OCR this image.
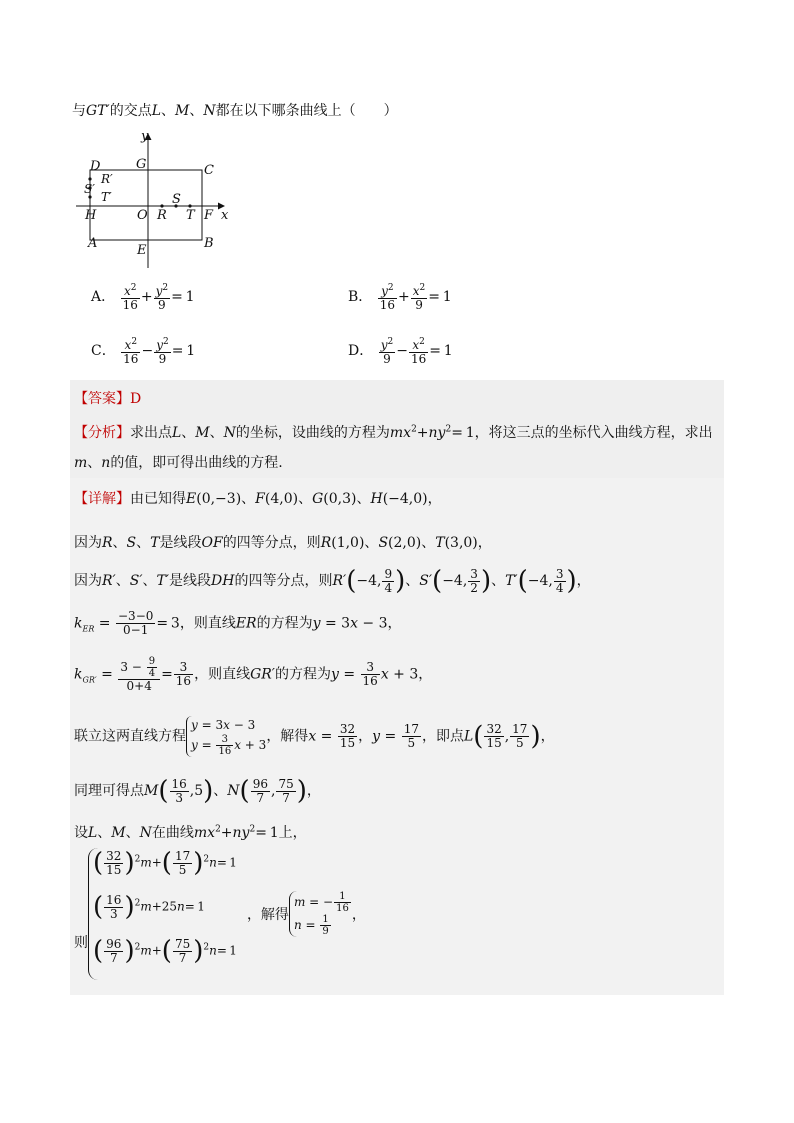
与GT′的交点L、M、N都在以下哪条曲线上（　　）
y
D	G	C
R′
S′
T′
H	O R
S
T F x
A	E	B
A． $\frac{x^2}{16} + \frac{y^2}{9} = 1$	B． $\frac{y^2}{16} + \frac{x^2}{9} = 1$
C． $\frac{x^2}{16} - \frac{y^2}{9} = 1$	D． $\frac{y^2}{9} - \frac{x^2}{16} = 1$
【答案】D
【分析】求出点L、M、N的坐标，设曲线的方程为$mx^2+ny^2= 1$，将这三点的坐标代入曲线方程，求出
m、n的值，即可得出曲线的方程.
【详解】由已知得E(0,−3)、F(4,0)、G(0,3)、H(−4,0)，
因为R、S、T是线段OF的四等分点，则R(1,0)、S(2,0)、T(3,0)，
因为R′、S′、T′是线段DH的四等分点，则R′(−4, $\frac{9}{4}$ )、S′(−4, $\frac{3}{2}$ )、T′(−4, $\frac{3}{4}$ )，
$k_{ER} = \frac{-3-0}{0-1} = 3$，则直线ER的方程为y = 3x − 3，
$k_{GR'} = \frac{3 - \frac{9}{4}}{0+4} = \frac{3}{16}$ ，则直线GR′的方程为$y = \frac{3}{16}$ x + 3，
联立这两直线方程
y = 3x − 3
$y = \frac{3}{16}$ x + 3
，解得$x = \frac{32}{15}$ ，$y = \frac{17}{5}$ ，即点$L( \frac{32}{15}$ , $\frac{17}{5}$ )，
同理可得点$M( \frac{16}{3} ,5)$、$N( \frac{96}{7}$ , $\frac{75}{7}$ )，
设L、M、N在曲线$mx^2+ny^2= 1$上，
则
( $\frac{32}{15} )^2m+( \frac{17}{5} )^2n= 1$
( $\frac{16}{3} )^2m+25n= 1$
( $\frac{96}{7} )^2m+( \frac{75}{7} )^2n= 1$
，解得
m = − $\frac{1}{16}$
$n = \frac{1}{9}$ ，
